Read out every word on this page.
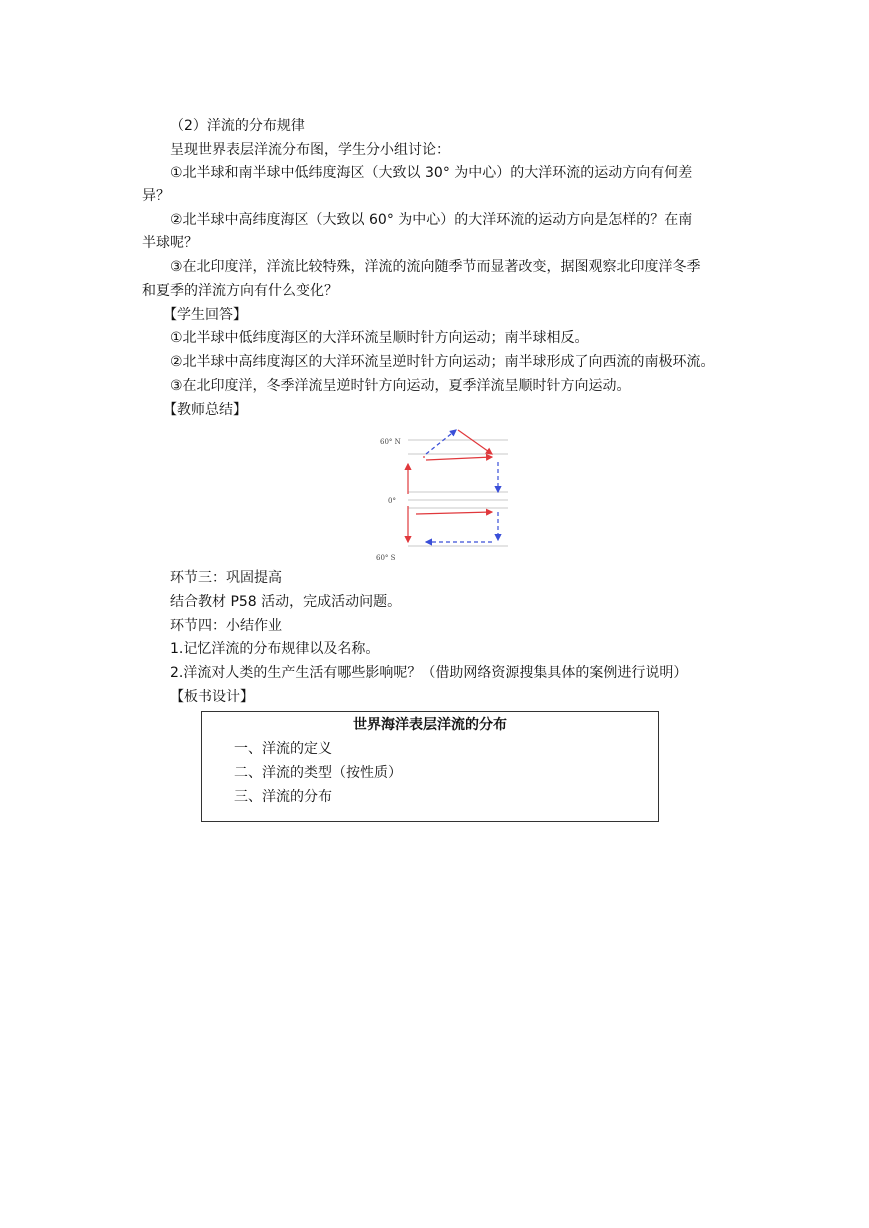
（2）洋流的分布规律
呈现世界表层洋流分布图，学生分小组讨论：
①北半球和南半球中低纬度海区（大致以 30° 为中心）的大洋环流的运动方向有何差
异？
②北半球中高纬度海区（大致以 60° 为中心）的大洋环流的运动方向是怎样的？在南
半球呢？
③在北印度洋，洋流比较特殊，洋流的流向随季节而显著改变，据图观察北印度洋冬季
和夏季的洋流方向有什么变化？
【学生回答】
①北半球中低纬度海区的大洋环流呈顺时针方向运动；南半球相反。
②北半球中高纬度海区的大洋环流呈逆时针方向运动；南半球形成了向西流的南极环流。
③在北印度洋，冬季洋流呈逆时针方向运动，夏季洋流呈顺时针方向运动。
【教师总结】
60° N
0°
60° S
环节三：巩固提高
结合教材 P58 活动，完成活动问题。
环节四：小结作业
1.记忆洋流的分布规律以及名称。
2.洋流对人类的生产生活有哪些影响呢？（借助网络资源搜集具体的案例进行说明）
【板书设计】
世界海洋表层洋流的分布
一、洋流的定义
二、洋流的类型（按性质）
三、洋流的分布
